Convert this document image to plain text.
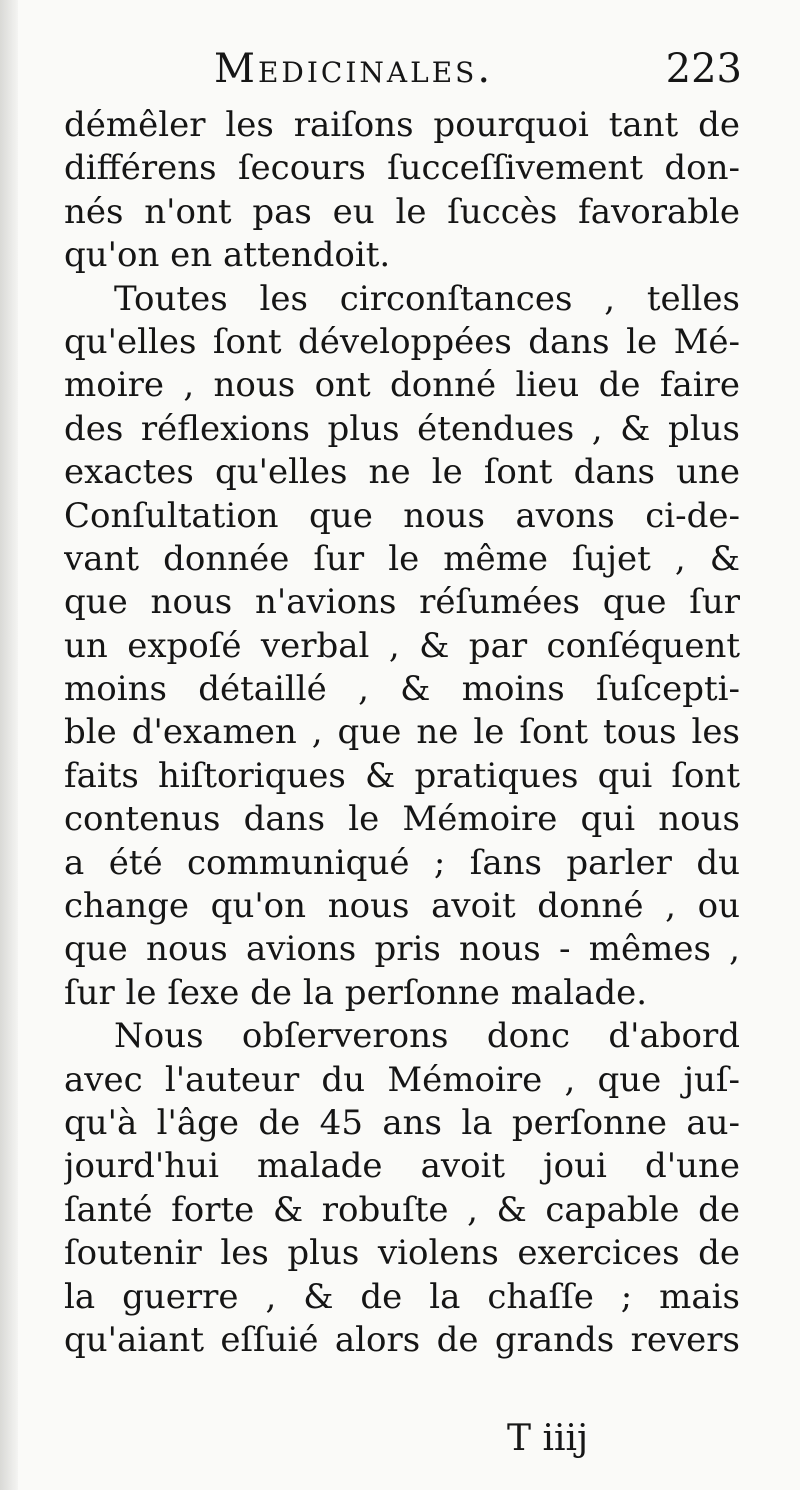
Medicinales.	223
démêler les raiſons pourquoi tant de
différens ſecours ſucceſſivement don-
nés n'ont pas eu le ſuccès favorable
qu'on en attendoit.
Toutes les circonſtances , telles
qu'elles ſont développées dans le Mé-
moire , nous ont donné lieu de faire
des réflexions plus étendues , & plus
exactes qu'elles ne le ſont dans une
Conſultation que nous avons ci-de-
vant donnée ſur le même ſujet , &
que nous n'avions réſumées que ſur
un expoſé verbal , & par conſéquent
moins détaillé , & moins ſuſcepti-
ble d'examen , que ne le ſont tous les
faits hiſtoriques & pratiques qui ſont
contenus dans le Mémoire qui nous
a été communiqué ; ſans parler du
change qu'on nous avoit donné , ou
que nous avions pris nous - mêmes ,
ſur le ſexe de la perſonne malade.
Nous obſerverons donc d'abord
avec l'auteur du Mémoire , que juſ-
qu'à l'âge de 45 ans la perſonne au-
jourd'hui malade avoit joui d'une
ſanté forte & robuſte , & capable de
ſoutenir les plus violens exercices de
la guerre , & de la chaſſe ; mais
qu'aiant eſſuié alors de grands revers
T iiij
